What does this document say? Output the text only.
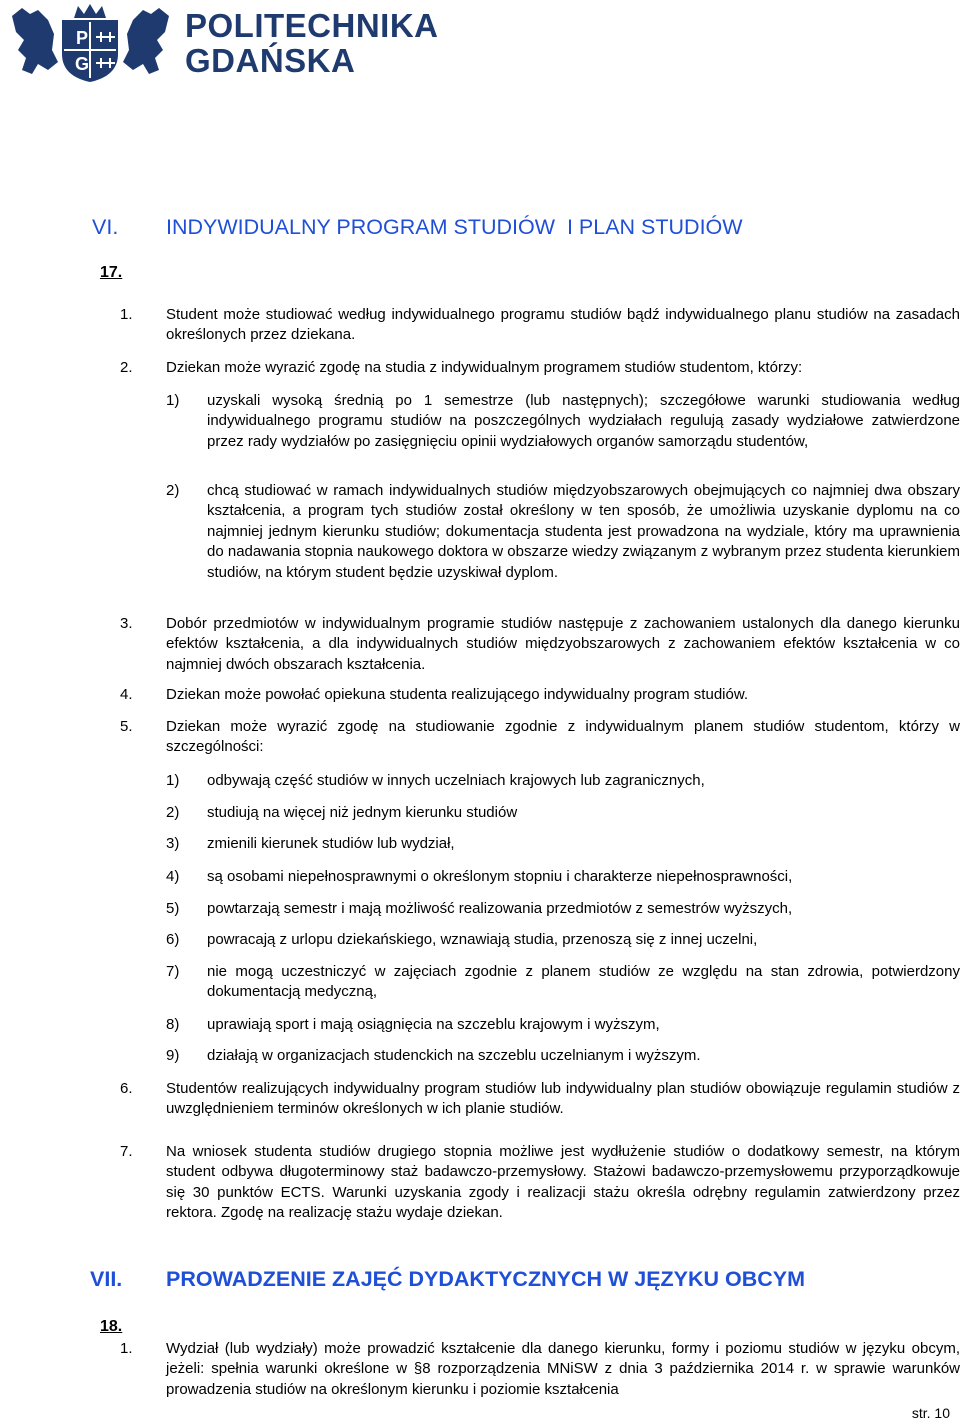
P
G
POLITECHNIKA
GDAŃSKA
VI. INDYWIDUALNY PROGRAM STUDIÓW  I PLAN STUDIÓW
17.
1. Student może studiować według indywidualnego programu studiów bądź indywidualnego planu studiów na zasadach określonych przez dziekana.
2. Dziekan może wyrazić zgodę na studia z indywidualnym programem studiów studentom, którzy:
1) uzyskali wysoką średnią po 1 semestrze (lub następnych); szczegółowe warunki studiowania według indywidualnego programu studiów na poszczególnych wydziałach regulują zasady wydziałowe zatwierdzone przez rady wydziałów po zasięgnięciu opinii wydziałowych organów samorządu studentów,
2) chcą studiować w ramach indywidualnych studiów międzyobszarowych obejmujących co najmniej dwa obszary kształcenia, a program tych studiów został określony w ten sposób, że umożliwia uzyskanie dyplomu na co najmniej jednym kierunku studiów; dokumentacja studenta jest prowadzona na wydziale, który ma uprawnienia do nadawania stopnia naukowego doktora w obszarze wiedzy związanym z wybranym przez studenta kierunkiem studiów, na którym student będzie uzyskiwał dyplom.
3. Dobór przedmiotów w indywidualnym programie studiów następuje z zachowaniem ustalonych dla danego kierunku efektów kształcenia, a dla indywidualnych studiów międzyobszarowych z zachowaniem efektów kształcenia w co najmniej dwóch obszarach kształcenia.
4. Dziekan może powołać opiekuna studenta realizującego indywidualny program studiów.
5. Dziekan może wyrazić zgodę na studiowanie zgodnie z indywidualnym planem studiów studentom, którzy w szczególności:
1) odbywają część studiów w innych uczelniach krajowych lub zagranicznych,
2) studiują na więcej niż jednym kierunku studiów
3) zmienili kierunek studiów lub wydział,
4) są osobami niepełnosprawnymi o określonym stopniu i charakterze niepełnosprawności,
5) powtarzają semestr i mają możliwość realizowania przedmiotów z semestrów wyższych,
6) powracają z urlopu dziekańskiego, wznawiają studia, przenoszą się z innej uczelni,
7) nie mogą uczestniczyć w zajęciach zgodnie z planem studiów ze względu na stan zdrowia, potwierdzony dokumentacją medyczną,
8) uprawiają sport i mają osiągnięcia na szczeblu krajowym i wyższym,
9) działają w organizacjach studenckich na szczeblu uczelnianym i wyższym.
6. Studentów realizujących indywidualny program studiów lub indywidualny plan studiów obowiązuje regulamin studiów z uwzględnieniem terminów określonych w ich planie studiów.
7. Na wniosek studenta studiów drugiego stopnia możliwe jest wydłużenie studiów o dodatkowy semestr, na którym student odbywa długoterminowy staż badawczo-przemysłowy. Stażowi badawczo-przemysłowemu przyporządkowuje się 30 punktów ECTS. Warunki uzyskania zgody i realizacji stażu określa odrębny regulamin zatwierdzony przez rektora. Zgodę na realizację stażu wydaje dziekan.
VII. PROWADZENIE ZAJĘĆ DYDAKTYCZNYCH W JĘZYKU OBCYM
18.
1. Wydział (lub wydziały) może prowadzić kształcenie dla danego kierunku, formy i poziomu studiów w języku obcym, jeżeli: spełnia warunki określone w §8 rozporządzenia MNiSW z dnia 3 października 2014 r. w sprawie warunków prowadzenia studiów na określonym kierunku i poziomie kształcenia
str. 10
